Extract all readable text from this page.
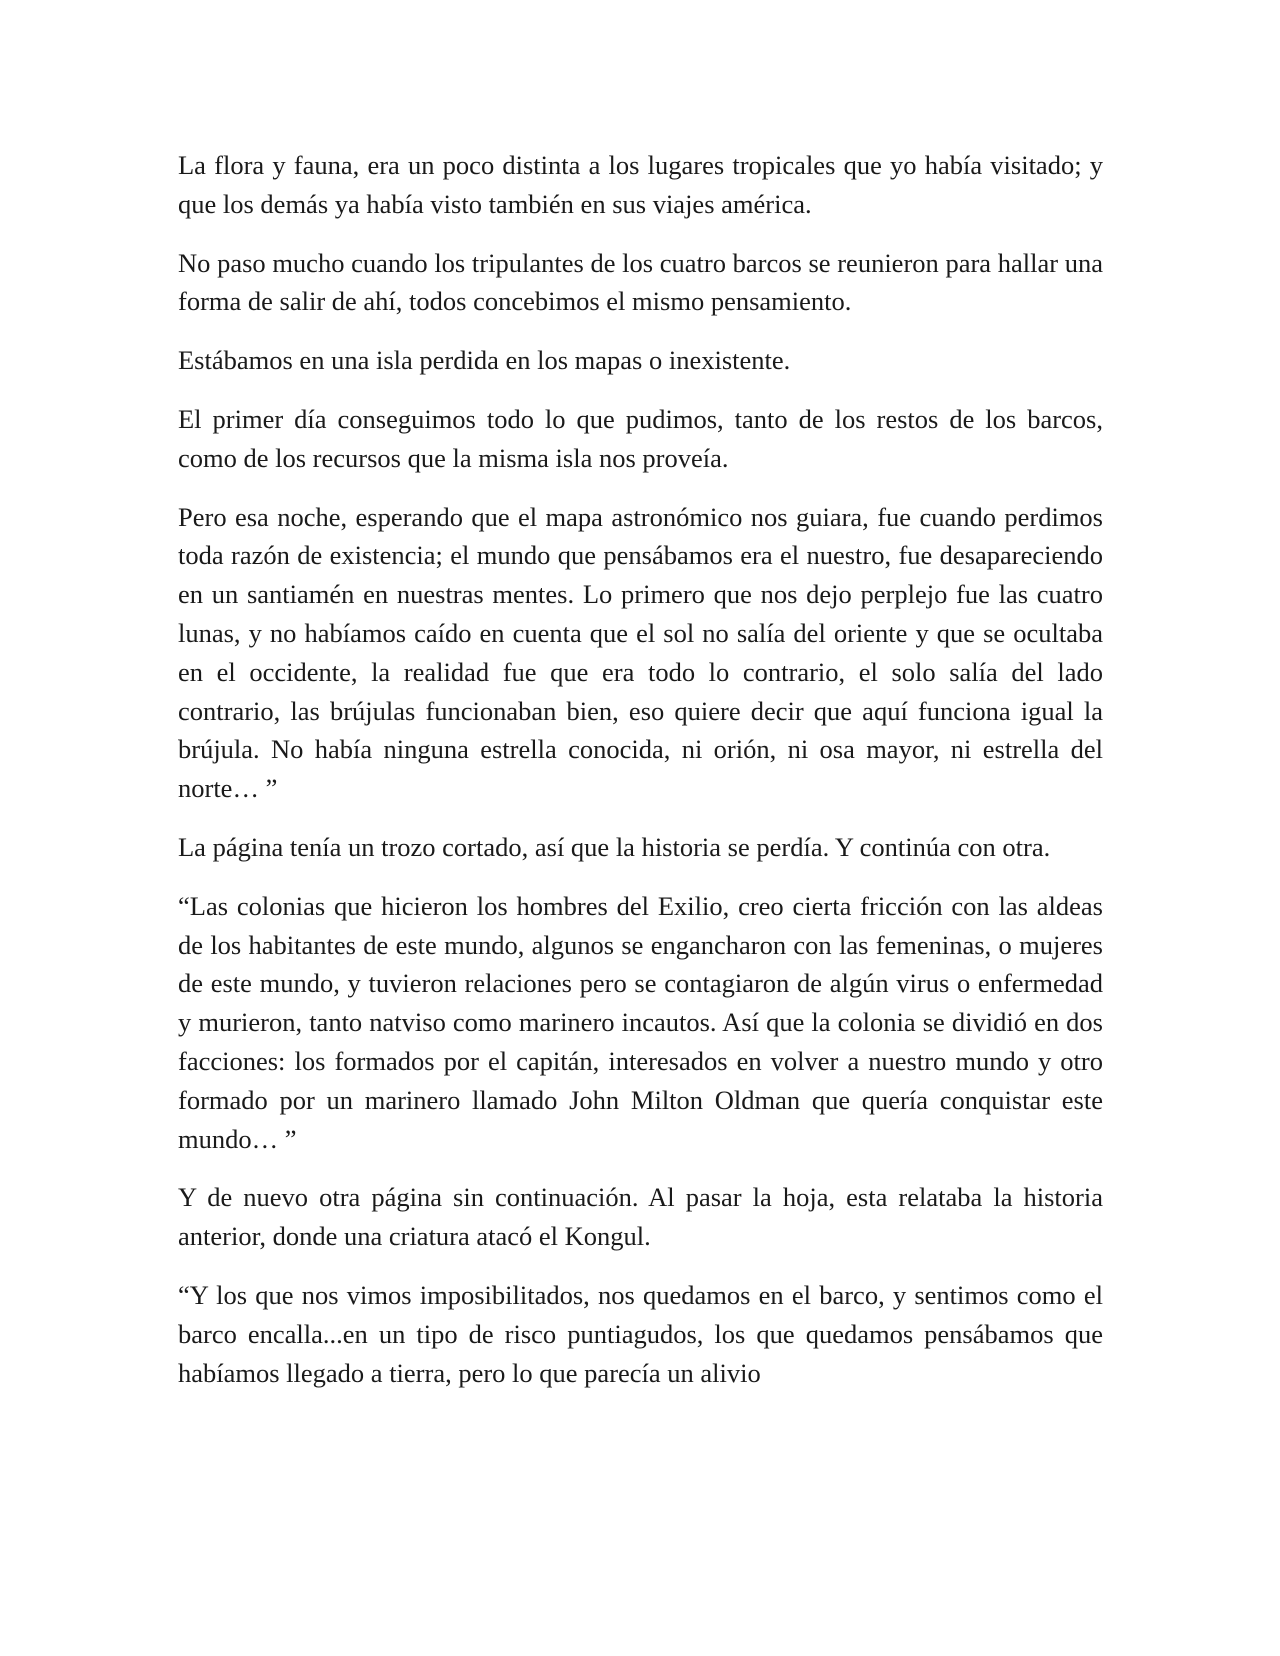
La flora y fauna, era un poco distinta a los lugares tropicales que yo había visitado; y que los demás ya había visto también en sus viajes américa.

No paso mucho cuando los tripulantes de los cuatro barcos se reunieron para hallar una forma de salir de ahí, todos concebimos el mismo pensamiento.

Estábamos en una isla perdida en los mapas o inexistente.

El primer día conseguimos todo lo que pudimos, tanto de los restos de los barcos, como de los recursos que la misma isla nos proveía.

Pero esa noche, esperando que el mapa astronómico nos guiara, fue cuando perdimos toda razón de existencia; el mundo que pensábamos era el nuestro, fue desapareciendo en un santiamén en nuestras mentes. Lo primero que nos dejo perplejo fue las cuatro lunas, y no habíamos caído en cuenta que el sol no salía del oriente y que se ocultaba en el occidente, la realidad fue que era todo lo contrario, el solo salía del lado contrario, las brújulas funcionaban bien, eso quiere decir que aquí funciona igual la brújula. No había ninguna estrella conocida, ni orión, ni osa mayor, ni estrella del norte… ”

La página tenía un trozo cortado, así que la historia se perdía. Y continúa con otra.

“Las colonias que hicieron los hombres del Exilio, creo cierta fricción con las aldeas de los habitantes de este mundo, algunos se engancharon con las femeninas, o mujeres de este mundo, y tuvieron relaciones pero se contagiaron de algún virus o enfermedad y murieron, tanto natviso como marinero incautos. Así que la colonia se dividió en dos facciones: los formados por el capitán, interesados en volver a nuestro mundo y otro formado por un marinero llamado John Milton Oldman que quería conquistar este mundo… ”

Y de nuevo otra página sin continuación. Al pasar la hoja, esta relataba la historia anterior, donde una criatura atacó el Kongul.

“Y los que nos vimos imposibilitados, nos quedamos en el barco, y sentimos como el barco encalla...en un tipo de risco puntiagudos, los que quedamos pensábamos que habíamos llegado a tierra, pero lo que parecía un alivio
